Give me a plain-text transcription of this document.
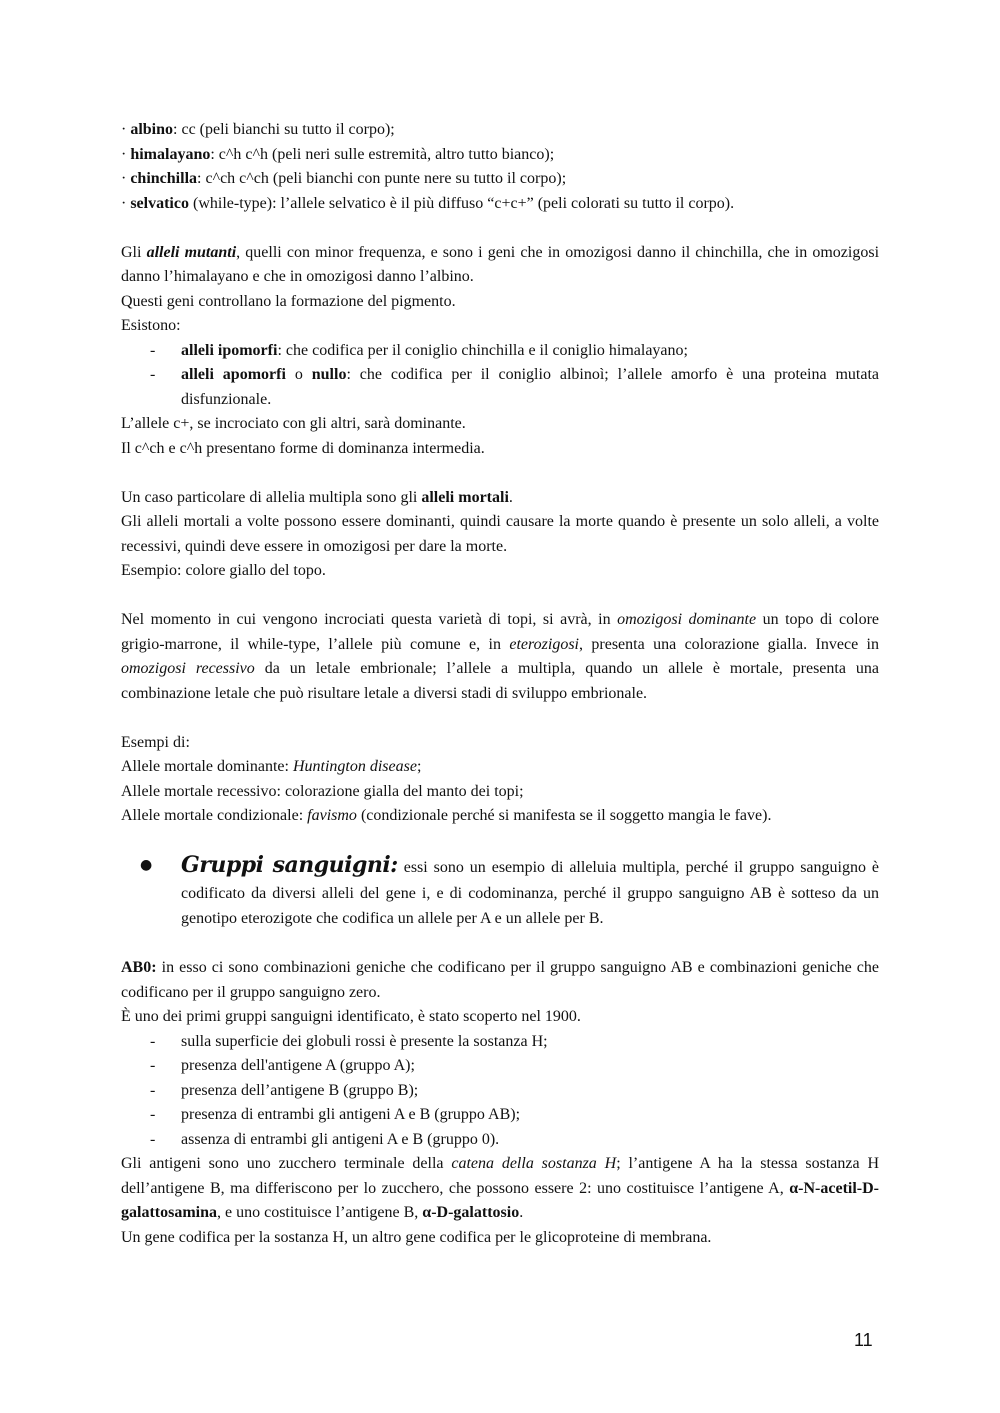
· albino: cc (peli bianchi su tutto il corpo);

· himalayano: c^h c^h (peli neri sulle estremità, altro tutto bianco);

· chinchilla: c^ch c^ch (peli bianchi con punte nere su tutto il corpo);

· selvatico (while-type): l’allele selvatico è il più diffuso “c+c+” (peli colorati su tutto il corpo).

Gli alleli mutanti, quelli con minor frequenza, e sono i geni che in omozigosi danno il chinchilla, che in omozigosi danno l’himalayano e che in omozigosi danno l’albino.

Questi geni controllano la formazione del pigmento.

Esistono:

- alleli ipomorfi: che codifica per il coniglio chinchilla e il coniglio himalayano;
- alleli apomorfi o nullo: che codifica per il coniglio albinoì; l’allele amorfo è una proteina mutata disfunzionale.

L’allele c+, se incrociato con gli altri, sarà dominante.

Il c^ch e c^h presentano forme di dominanza intermedia.

Un caso particolare di allelia multipla sono gli alleli mortali.

Gli alleli mortali a volte possono essere dominanti, quindi causare la morte quando è presente un solo alleli, a volte recessivi, quindi deve essere in omozigosi per dare la morte.

Esempio: colore giallo del topo.

Nel momento in cui vengono incrociati questa varietà di topi, si avrà, in omozigosi dominante un topo di colore grigio-marrone, il while-type, l’allele più comune e, in eterozigosi, presenta una colorazione gialla. Invece in omozigosi recessivo da un letale embrionale; l’allele a multipla, quando un allele è mortale, presenta una combinazione letale che può risultare letale a diversi stadi di sviluppo embrionale.

Esempi di:

Allele mortale dominante: Huntington disease;

Allele mortale recessivo: colorazione gialla del manto dei topi;

Allele mortale condizionale: favismo (condizionale perché si manifesta se il soggetto mangia le fave).

● Gruppi sanguigni: essi sono un esempio di alleluia multipla, perché il gruppo sanguigno è codificato da diversi alleli del gene i, e di codominanza, perché il gruppo sanguigno AB è sotteso da un genotipo eterozigote che codifica un allele per A e un allele per B.

AB0: in esso ci sono combinazioni geniche che codificano per il gruppo sanguigno AB e combinazioni geniche che codificano per il gruppo sanguigno zero.

È uno dei primi gruppi sanguigni identificato, è stato scoperto nel 1900.

- sulla superficie dei globuli rossi è presente la sostanza H;
- presenza dell'antigene A (gruppo A);
- presenza dell’antigene B (gruppo B);
- presenza di entrambi gli antigeni A e B (gruppo AB);
- assenza di entrambi gli antigeni A e B (gruppo 0).

Gli antigeni sono uno zucchero terminale della catena della sostanza H; l’antigene A ha la stessa sostanza H dell’antigene B, ma differiscono per lo zucchero, che possono essere 2: uno costituisce l’antigene A, α-N-acetil-D-galattosamina, e uno costituisce l’antigene B, α-D-galattosio.

Un gene codifica per la sostanza H, un altro gene codifica per le glicoproteine di membrana.

11
